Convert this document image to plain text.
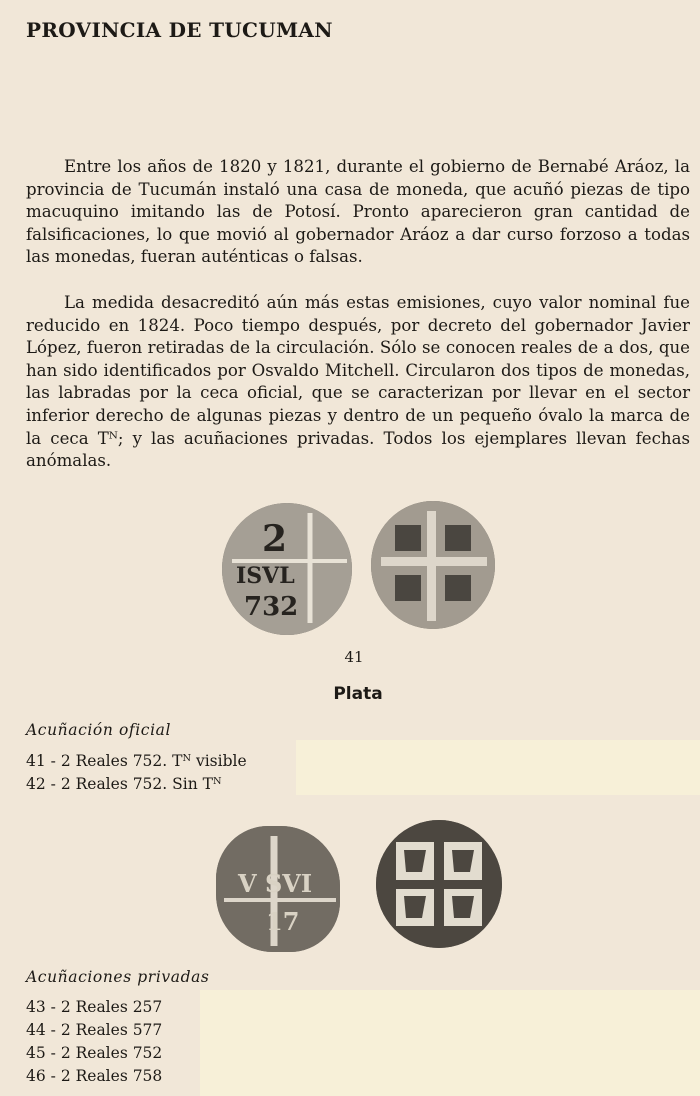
PROVINCIA DE TUCUMAN

Entre los años de 1820 y 1821, durante el gobierno de Bernabé Aráoz, la provincia de Tucumán instaló una casa de moneda, que acuñó piezas de tipo macuquino imitando las de Potosí. Pronto aparecieron gran cantidad de falsificaciones, lo que movió al gobernador Aráoz a dar curso forzoso a todas las monedas, fueran auténticas o falsas.

La medida desacreditó aún más estas emisiones, cuyo valor nominal fue reducido en 1824. Poco tiempo después, por decreto del gobernador Javier López, fueron retiradas de la circulación. Sólo se conocen reales de a dos, que han sido identificados por Osvaldo Mitchell. Circularon dos tipos de monedas, las labradas por la ceca oficial, que se caracterizan por llevar en el sector inferior derecho de algunas piezas y dentro de un pequeño óvalo la marca de la ceca Tᴺ; y las acuñaciones privadas. Todos los ejemplares llevan fechas anómalas.

2
ISVL
732
41
Plata
Acuñación oficial
41 - 2 Reales 752. Tᴺ visible
42 - 2 Reales 752. Sin Tᴺ
V SVI
17
Acuñaciones privadas
43 - 2 Reales 257
44 - 2 Reales 577
45 - 2 Reales 752
46 - 2 Reales 758
